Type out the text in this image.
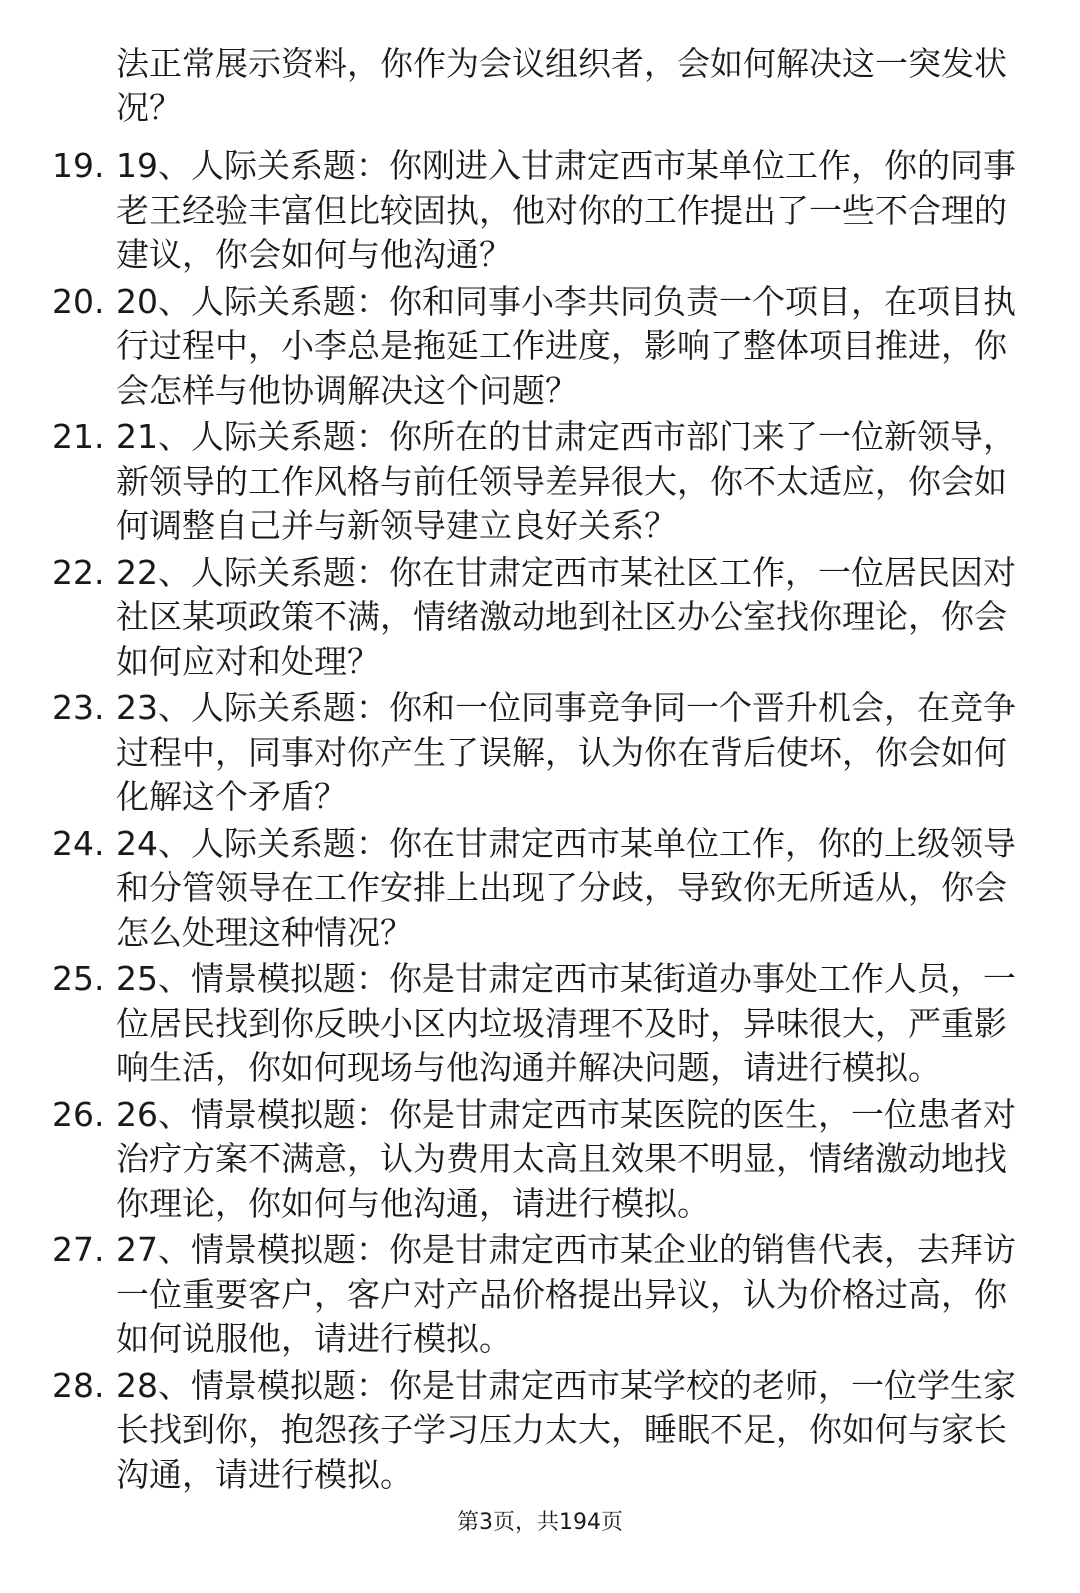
法正常展示资料，你作为会议组织者，会如何解决这一突发状况？

19. 19、人际关系题：你刚进入甘肃定西市某单位工作，你的同事老王经验丰富但比较固执，他对你的工作提出了一些不合理的建议，你会如何与他沟通？
20. 20、人际关系题：你和同事小李共同负责一个项目，在项目执行过程中，小李总是拖延工作进度，影响了整体项目推进，你会怎样与他协调解决这个问题？
21. 21、人际关系题：你所在的甘肃定西市部门来了一位新领导，新领导的工作风格与前任领导差异很大，你不太适应，你会如何调整自己并与新领导建立良好关系？
22. 22、人际关系题：你在甘肃定西市某社区工作，一位居民因对社区某项政策不满，情绪激动地到社区办公室找你理论，你会如何应对和处理？
23. 23、人际关系题：你和一位同事竞争同一个晋升机会，在竞争过程中，同事对你产生了误解，认为你在背后使坏，你会如何化解这个矛盾？
24. 24、人际关系题：你在甘肃定西市某单位工作，你的上级领导和分管领导在工作安排上出现了分歧，导致你无所适从，你会怎么处理这种情况？
25. 25、情景模拟题：你是甘肃定西市某街道办事处工作人员，一位居民找到你反映小区内垃圾清理不及时，异味很大，严重影响生活，你如何现场与他沟通并解决问题，请进行模拟。
26. 26、情景模拟题：你是甘肃定西市某医院的医生，一位患者对治疗方案不满意，认为费用太高且效果不明显，情绪激动地找你理论，你如何与他沟通，请进行模拟。
27. 27、情景模拟题：你是甘肃定西市某企业的销售代表，去拜访一位重要客户，客户对产品价格提出异议，认为价格过高，你如何说服他，请进行模拟。
28. 28、情景模拟题：你是甘肃定西市某学校的老师，一位学生家长找到你，抱怨孩子学习压力太大，睡眠不足，你如何与家长沟通，请进行模拟。
第3页，共194页
